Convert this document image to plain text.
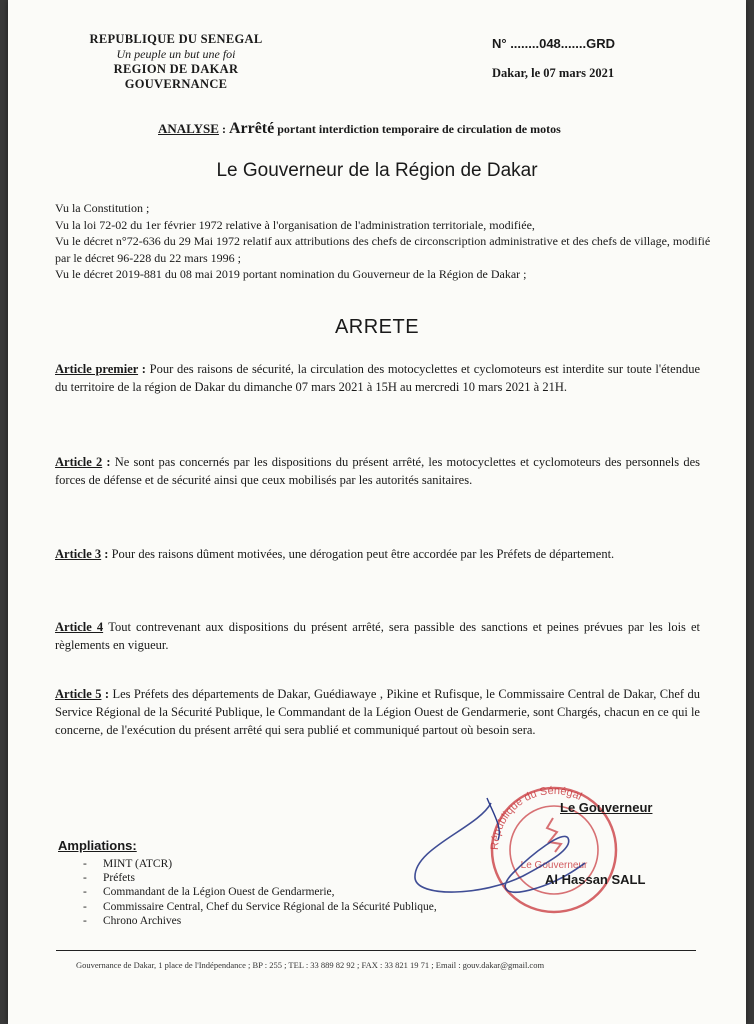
REPUBLIQUE DU SENEGAL
Un peuple un but une foi
REGION DE DAKAR
GOUVERNANCE
N° ........048.......GRD
Dakar, le 07 mars 2021
ANALYSE : Arrêté portant interdiction temporaire de circulation de motos
Le Gouverneur de la Région de Dakar

Vu la Constitution ;

Vu la loi 72-02 du 1er février 1972 relative à l'organisation de l'administration territoriale, modifiée,

Vu le décret n°72-636 du 29 Mai 1972 relatif aux attributions des chefs de circonscription administrative et des chefs de village, modifié par le décret 96-228 du 22 mars 1996 ;

Vu le décret 2019-881 du 08 mai 2019 portant nomination du Gouverneur de la Région de Dakar ;

ARRETE
Article premier : Pour des raisons de sécurité, la circulation des motocyclettes et cyclomoteurs est interdite sur toute l'étendue du territoire de la région de Dakar du dimanche 07 mars 2021 à 15H au mercredi 10 mars 2021 à 21H.
Article 2 : Ne sont pas concernés par les dispositions du présent arrêté, les motocyclettes et cyclomoteurs des personnels des forces de défense et de sécurité ainsi que ceux mobilisés par les autorités sanitaires.
Article 3 : Pour des raisons dûment motivées, une dérogation peut être accordée par les Préfets de département.
Article 4 Tout contrevenant aux dispositions du présent arrêté, sera passible des sanctions et peines prévues par les lois et règlements en vigueur.
Article 5 : Les Préfets des départements de Dakar, Guédiawaye , Pikine et Rufisque, le Commissaire Central de Dakar, Chef du Service Régional de la Sécurité Publique, le Commandant de la Légion Ouest de Gendarmerie, sont Chargés, chacun en ce qui le concerne, de l'exécution du présent arrêté qui sera publié et communiqué partout où besoin sera.
République du Sénégal
Le Gouverneur
Le Gouverneur
Al Hassan SALL
Ampliations:
- MINT (ATCR)
- Préfets
- Commandant de la Légion Ouest de Gendarmerie,
- Commissaire Central, Chef du Service Régional de la Sécurité Publique,
- Chrono Archives
Gouvernance de Dakar, 1 place de l'Indépendance ; BP : 255 ; TEL : 33 889 82 92 ; FAX : 33 821 19 71 ; Email : gouv.dakar@gmail.com
